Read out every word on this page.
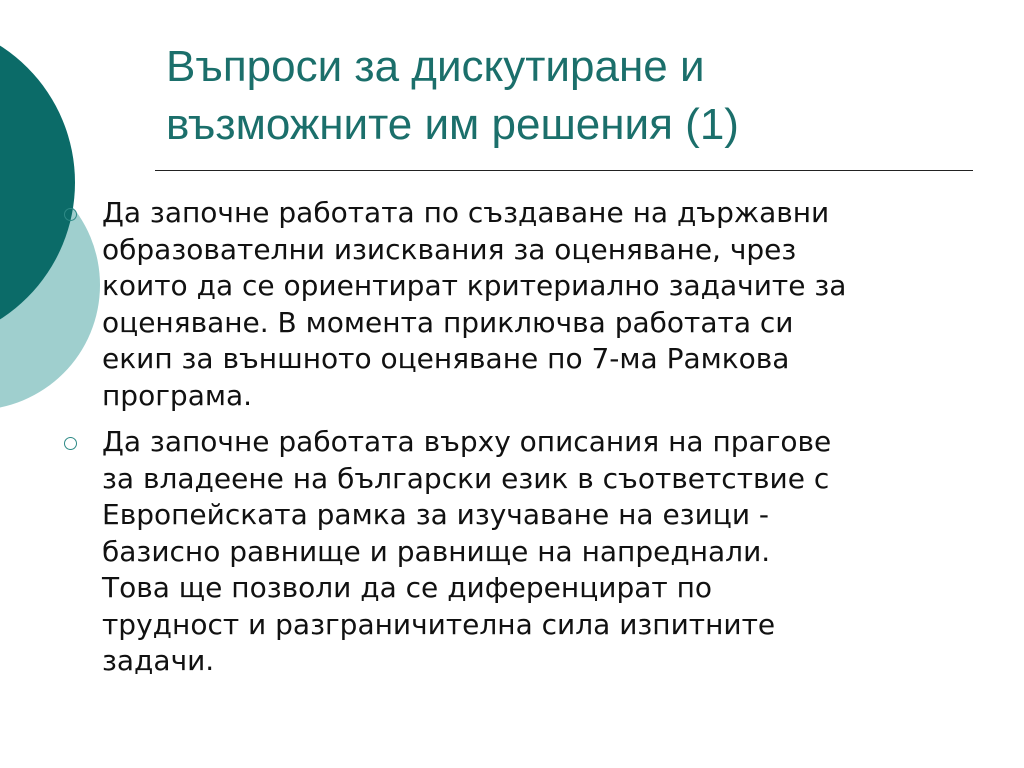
Въпроси за дискутиране и
възможните им решения (1)
Да започне работата по създаване на държавни
образователни изисквания за оценяване, чрез
които да се ориентират критериално задачите за
оценяване. В момента приключва работата си
екип за външното оценяване по 7-ма Рамкова
програма.
Да започне работата върху описания на прагове
за владеене на български език в съответствие с
Европейската рамка за изучаване на езици -
базисно равнище и равнище на напреднали.
Това ще позволи да се диференцират по
трудност и разграничителна сила изпитните
задачи.
